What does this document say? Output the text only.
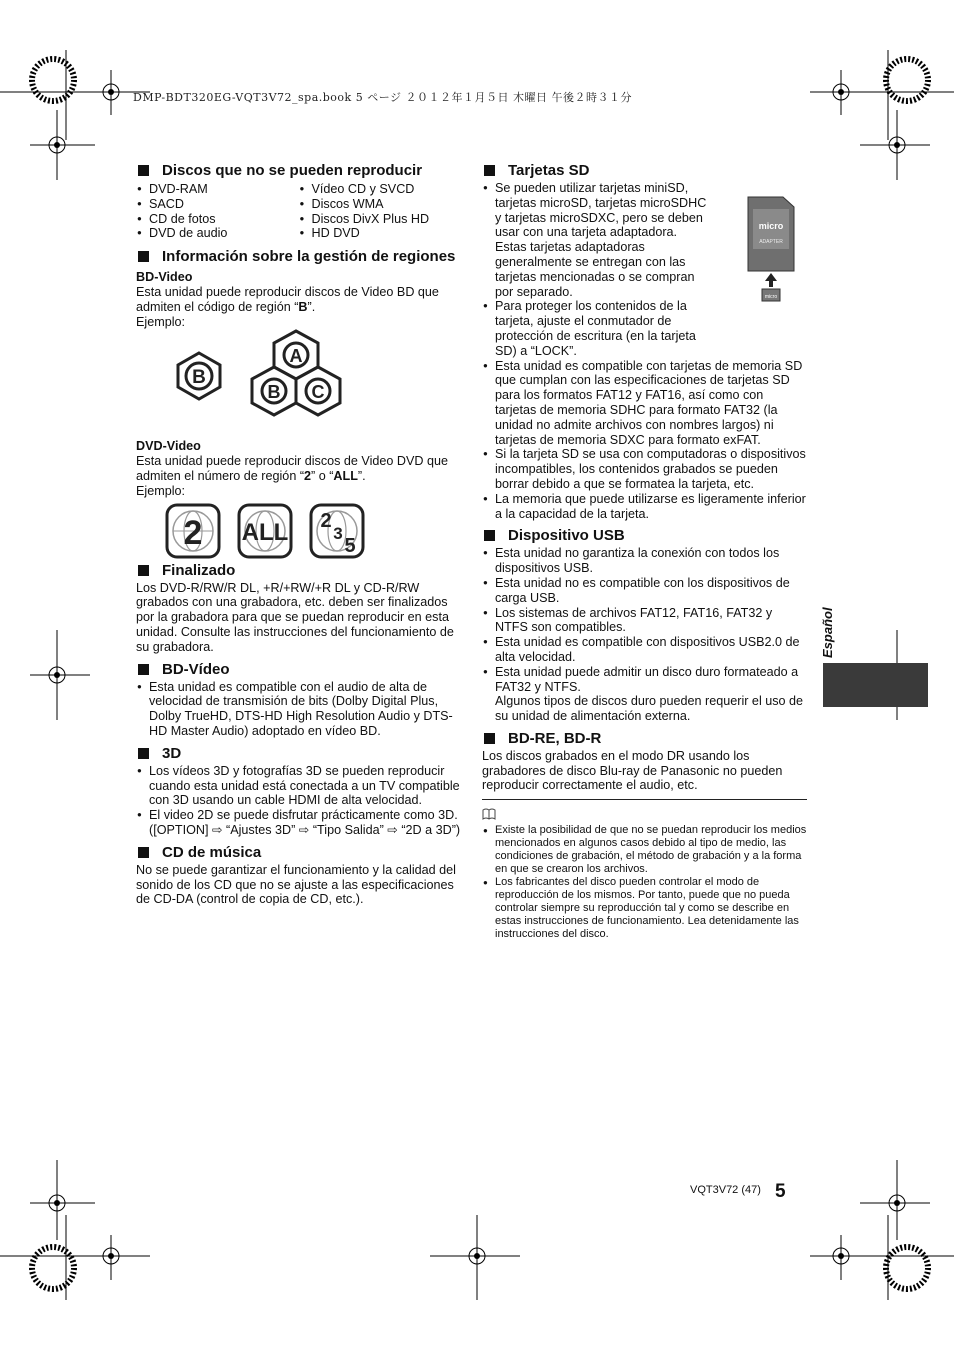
DMP-BDT320EG-VQT3V72_spa.book 5 ページ ２０１２年１月５日 木曜日 午後２時３１分
Discos que no se pueden reproducir
● DVD-RAM
● SACD
● CD de fotos
● DVD de audio
● Vídeo CD y SVCD
● Discos WMA
● Discos DivX Plus HD
● HD DVD
Información sobre la gestión de regiones

BD-Video

Esta unidad puede reproducir discos de Video BD que admiten el código de región “B”.

Ejemplo:

B
A
B C

DVD-Video

Esta unidad puede reproducir discos de Video DVD que admiten el número de región “2” o “ALL”.

Ejemplo:

2 ALL 2
3
5
Finalizado

Los DVD-R/RW/R DL, +R/+RW/+R DL y CD-R/RW grabados con una grabadora, etc. deben ser finalizados por la grabadora para que se puedan reproducir en esta unidad. Consulte las instrucciones del funcionamiento de su grabadora.

BD-Vídeo
● Esta unidad es compatible con el audio de alta de velocidad de transmisión de bits (Dolby Digital Plus, Dolby TrueHD, DTS-HD High Resolution Audio y DTS-HD Master Audio) adoptado en vídeo BD.
3D
● Los vídeos 3D y fotografías 3D se pueden reproducir cuando esta unidad está conectada a un TV compatible con 3D usando un cable HDMI de alta velocidad.
● El video 2D se puede disfrutar prácticamente como 3D. ([OPTION] ⇨ “Ajustes 3D” ⇨ “Tipo Salida” ⇨ “2D a 3D”)
CD de música

No se puede garantizar el funcionamiento y la calidad del sonido de los CD que no se ajuste a las especificaciones de CD-DA (control de copia de CD, etc.).

Tarjetas SD
micro
ADAPTER
micro
● Se pueden utilizar tarjetas miniSD, tarjetas microSD, tarjetas microSDHC y tarjetas microSDXC, pero se deben usar con una tarjeta adaptadora. Estas tarjetas adaptadoras generalmente se entregan con las tarjetas mencionadas o se compran por separado.
● Para proteger los contenidos de la tarjeta, ajuste el conmutador de protección de escritura (en la tarjeta SD) a “LOCK”.
● Esta unidad es compatible con tarjetas de memoria SD que cumplan con las especificaciones de tarjetas SD para los formatos FAT12 y FAT16, así como con tarjetas de memoria SDHC para formato FAT32 (la unidad no admite archivos con nombres largos) ni tarjetas de memoria SDXC para formato exFAT.
● Si la tarjeta SD se usa con computadoras o dispositivos incompatibles, los contenidos grabados se pueden borrar debido a que se formatea la tarjeta, etc.
● La memoria que puede utilizarse es ligeramente inferior a la capacidad de la tarjeta.
Dispositivo USB
● Esta unidad no garantiza la conexión con todos los dispositivos USB.
● Esta unidad no es compatible con los dispositivos de carga USB.
● Los sistemas de archivos FAT12, FAT16, FAT32 y NTFS son compatibles.
● Esta unidad es compatible con dispositivos USB2.0 de alta velocidad.
● Esta unidad puede admitir un disco duro formateado a FAT32 y NTFS.

Algunos tipos de discos duro pueden requerir el uso de su unidad de alimentación externa.

BD-RE, BD-R

Los discos grabados en el modo DR usando los grabadores de disco Blu-ray de Panasonic no pueden reproducir correctamente el audio, etc.

● Existe la posibilidad de que no se puedan reproducir los medios mencionados en algunos casos debido al tipo de medio, las condiciones de grabación, el método de grabación y a la forma en que se crearon los archivos.
● Los fabricantes del disco pueden controlar el modo de reproducción de los mismos. Por tanto, puede que no pueda controlar siempre su reproducción tal y como se describe en estas instrucciones de funcionamiento. Lea detenidamente las instrucciones del disco.
Español
VQT3V72 (47) 5
